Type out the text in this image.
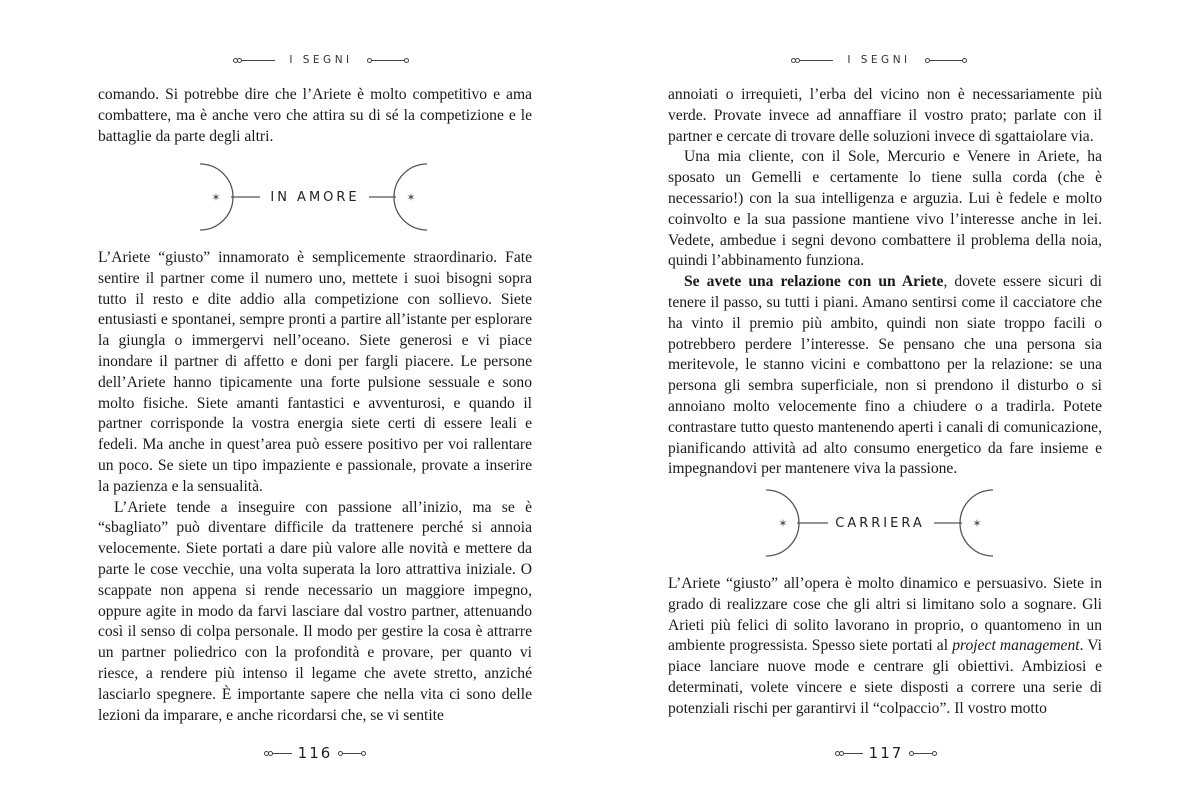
I SEGNI

comando. Si potrebbe dire che l’Ariete è molto competitivo e ama combattere, ma è anche vero che attira su di sé la competizione e le battaglie da parte degli altri.

✶	✶
IN AMORE

L’Ariete “giusto” innamorato è semplicemente straordinario. Fate sentire il partner come il numero uno, mettete i suoi bisogni sopra tutto il resto e dite addio alla competizione con sollievo. Siete entusiasti e spontanei, sempre pronti a partire all’istante per esplorare la giungla o immergervi nell’oceano. Siete generosi e vi piace inondare il partner di affetto e doni per fargli piacere. Le persone dell’Ariete hanno tipicamente una forte pulsione sessuale e sono molto fisiche. Siete amanti fantastici e avventurosi, e quando il partner corrisponde la vostra energia siete certi di essere leali e fedeli. Ma anche in quest’area può essere positivo per voi rallentare un poco. Se siete un tipo impaziente e passionale, provate a inserire la pazienza e la sensualità.

L’Ariete tende a inseguire con passione all’inizio, ma se è “sbagliato” può diventare difficile da trattenere perché si annoia velocemente. Siete portati a dare più valore alle novità e mettere da parte le cose vecchie, una volta superata la loro attrattiva iniziale. O scappate non appena si rende necessario un maggiore impegno, oppure agite in modo da farvi lasciare dal vostro partner, attenuando così il senso di colpa personale. Il modo per gestire la cosa è attrarre un partner poliedrico con la profondità e provare, per quanto vi riesce, a rendere più intenso il legame che avete stretto, anziché lasciarlo spegnere. È importante sapere che nella vita ci sono delle lezioni da imparare, e anche ricordarsi che, se vi sentite

116
I SEGNI

annoiati o irrequieti, l’erba del vicino non è necessariamente più verde. Provate invece ad annaffiare il vostro prato; parlate con il partner e cercate di trovare delle soluzioni invece di sgattaiolare via.

Una mia cliente, con il Sole, Mercurio e Venere in Ariete, ha sposato un Gemelli e certamente lo tiene sulla corda (che è necessario!) con la sua intelligenza e arguzia. Lui è fedele e molto coinvolto e la sua passione mantiene vivo l’interesse anche in lei. Vedete, ambedue i segni devono combattere il problema della noia, quindi l’abbinamento funziona.

Se avete una relazione con un Ariete, dovete essere sicuri di tenere il passo, su tutti i piani. Amano sentirsi come il cacciatore che ha vinto il premio più ambito, quindi non siate troppo facili o potrebbero perdere l’interesse. Se pensano che una persona sia meritevole, le stanno vicini e combattono per la relazione: se una persona gli sembra superficiale, non si prendono il disturbo o si annoiano molto velocemente fino a chiudere o a tradirla. Potete contrastare tutto questo mantenendo aperti i canali di comunicazione, pianificando attività ad alto consumo energetico da fare insieme e impegnandovi per mantenere viva la passione.

✶	✶
CARRIERA

L’Ariete “giusto” all’opera è molto dinamico e persuasivo. Siete in grado di realizzare cose che gli altri si limitano solo a sognare. Gli Arieti più felici di solito lavorano in proprio, o quantomeno in un ambiente progressista. Spesso siete portati al project management. Vi piace lanciare nuove mode e centrare gli obiettivi. Ambiziosi e determinati, volete vincere e siete disposti a correre una serie di potenziali rischi per garantirvi il “colpaccio”. Il vostro motto

117
